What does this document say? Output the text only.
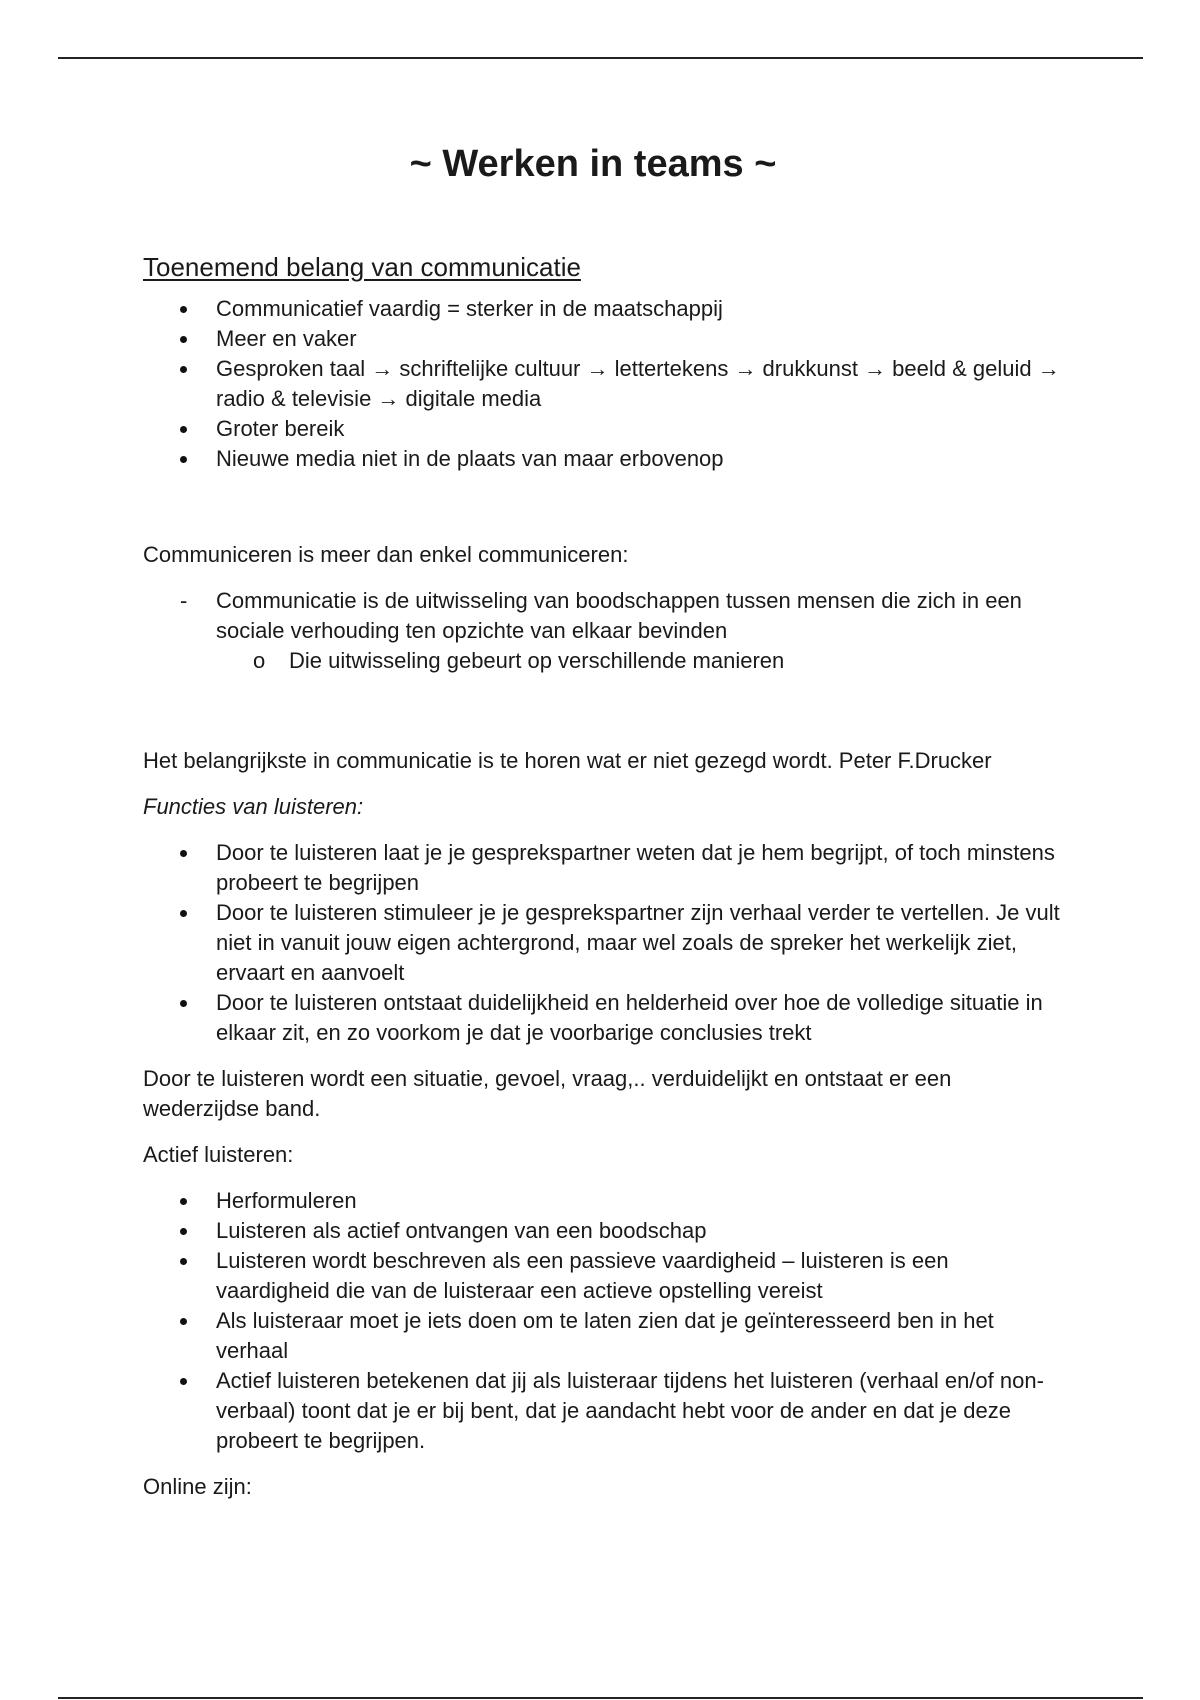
~ Werken in teams ~
Toenemend belang van communicatie
Communicatief vaardig = sterker in de maatschappij
Meer en vaker
Gesproken taal → schriftelijke cultuur → lettertekens → drukkunst → beeld & geluid → radio & televisie → digitale media
Groter bereik
Nieuwe media niet in de plaats van maar erbovenop

Communiceren is meer dan enkel communiceren:

- Communicatie is de uitwisseling van boodschappen tussen mensen die zich in een sociale verhouding ten opzichte van elkaar bevinden
o Die uitwisseling gebeurt op verschillende manieren

Het belangrijkste in communicatie is te horen wat er niet gezegd wordt. Peter F.Drucker

Functies van luisteren:

Door te luisteren laat je je gesprekspartner weten dat je hem begrijpt, of toch minstens probeert te begrijpen
Door te luisteren stimuleer je je gesprekspartner zijn verhaal verder te vertellen. Je vult niet in vanuit jouw eigen achtergrond, maar wel zoals de spreker het werkelijk ziet, ervaart en aanvoelt
Door te luisteren ontstaat duidelijkheid en helderheid over hoe de volledige situatie in elkaar zit, en zo voorkom je dat je voorbarige conclusies trekt

Door te luisteren wordt een situatie, gevoel, vraag,.. verduidelijkt en ontstaat er een wederzijdse band.

Actief luisteren:

Herformuleren
Luisteren als actief ontvangen van een boodschap
Luisteren wordt beschreven als een passieve vaardigheid – luisteren is een vaardigheid die van de luisteraar een actieve opstelling vereist
Als luisteraar moet je iets doen om te laten zien dat je geïnteresseerd ben in het verhaal
Actief luisteren betekenen dat jij als luisteraar tijdens het luisteren (verhaal en/of non-verbaal) toont dat je er bij bent, dat je aandacht hebt voor de ander en dat je deze probeert te begrijpen.

Online zijn:
